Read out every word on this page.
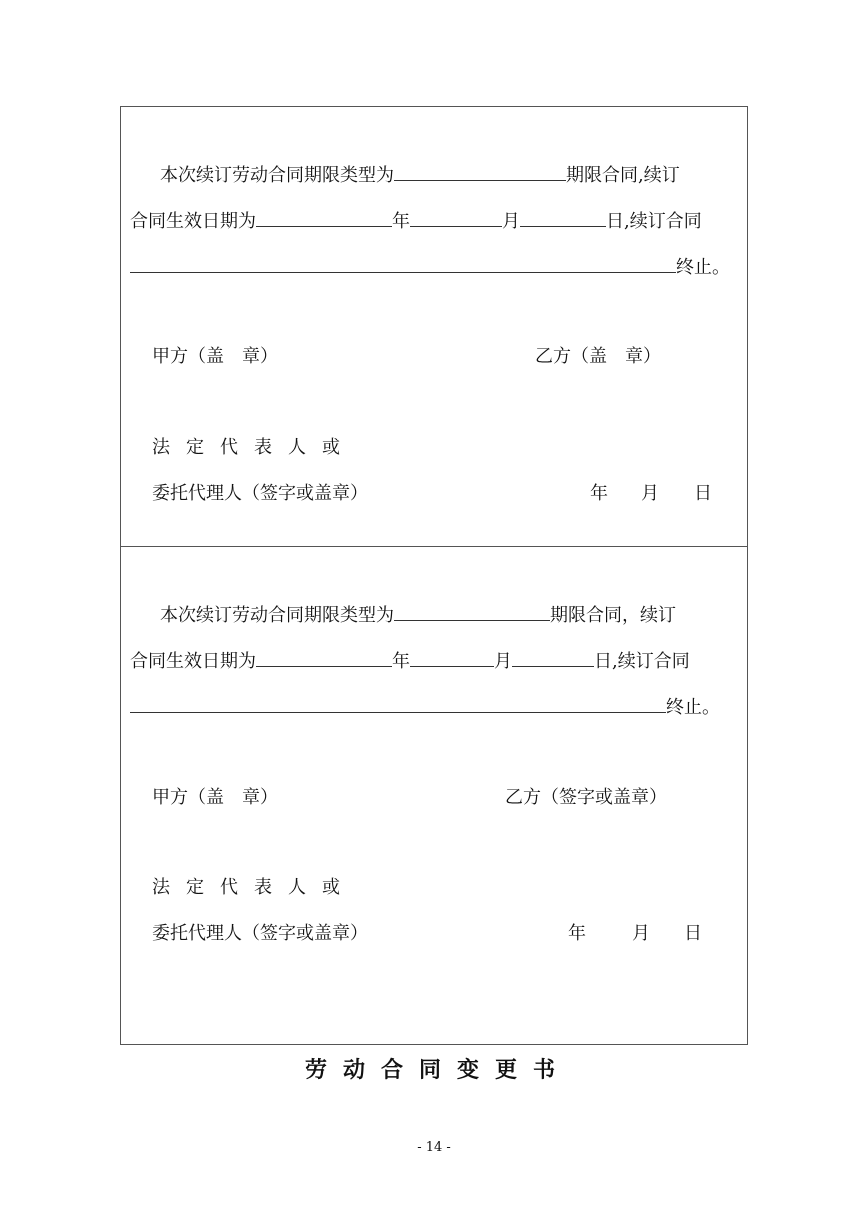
本次续订劳动合同期限类型为	期限合同,续订
合同生效日期为	年	月	日,续订合同
终止。
甲方（盖　章）	乙方（盖　章）
法定代表人或
委托代理人（签字或盖章）	年 月 日
本次续订劳动合同期限类型为	期限合同，续订
合同生效日期为	年	月	日,续订合同
终止。
甲方（盖　章）	乙方（签字或盖章）
法定代表人或
委托代理人（签字或盖章）	年	月 日
劳动合同变更书
- 14 -
